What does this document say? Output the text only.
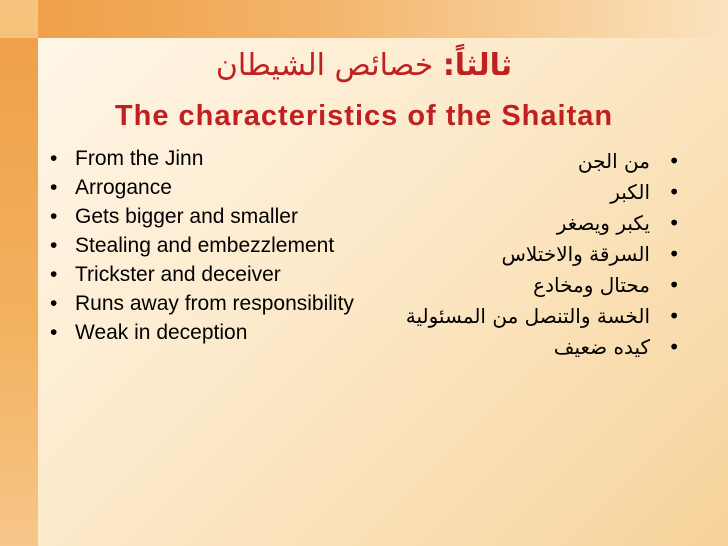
ثالثاً: خصائص الشيطان
The characteristics of the Shaitan
• From the Jinn
• Arrogance
• Gets bigger and smaller
• Stealing and embezzlement
• Trickster and deceiver
• Runs away from responsibility
• Weak in deception
•
من الجن
•
الكبر
•
يكبر ويصغر
•
السرقة والاختلاس
•
محتال ومخادع
•
الخسة والتنصل من المسئولية
•
كيده ضعيف
